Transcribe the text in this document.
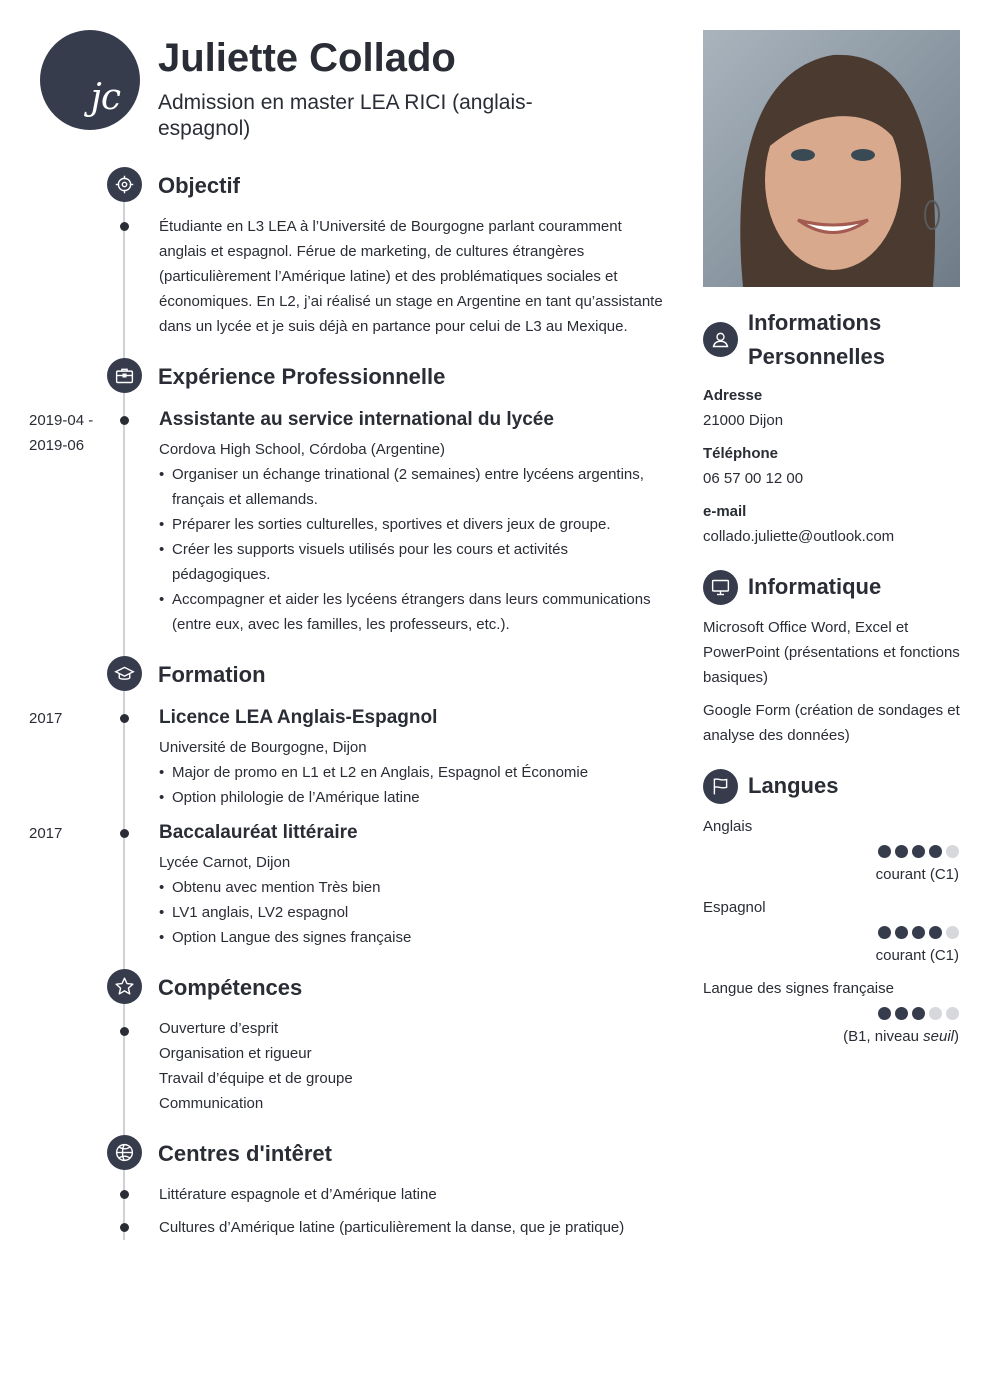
jc
Juliette Collado
Admission en master LEA RICI (anglais-espagnol)
Objectif
Étudiante en L3 LEA à l’Université de Bourgogne parlant couramment anglais et espagnol. Férue de marketing, de cultures étrangères (particulièrement l’Amérique latine) et des problématiques sociales et économiques. En L2, j’ai réalisé un stage en Argentine en tant qu’assistante dans un lycée et je suis déjà en partance pour celui de L3 au Mexique.
Expérience Professionnelle
2019-04 - 2019-06
Assistante au service international du lycée
Cordova High School, Córdoba (Argentine)
• Organiser un échange trinational (2 semaines) entre lycéens argentins, français et allemands.
• Préparer les sorties culturelles, sportives et divers jeux de groupe.
• Créer les supports visuels utilisés pour les cours et activités pédagogiques.
• Accompagner et aider les lycéens étrangers dans leurs communications (entre eux, avec les familles, les professeurs, etc.).
Formation
2017	Licence LEA Anglais-Espagnol
Université de Bourgogne, Dijon
• Major de promo en L1 et L2 en Anglais, Espagnol et Économie
• Option philologie de l’Amérique latine
2017	Baccalauréat littéraire
Lycée Carnot, Dijon
• Obtenu avec mention Très bien
• LV1 anglais, LV2 espagnol
• Option Langue des signes française
Compétences
Ouverture d’esprit
Organisation et rigueur
Travail d’équipe et de groupe
Communication
Centres d'intêret
Littérature espagnole et d’Amérique latine
Cultures d’Amérique latine (particulièrement la danse, que je pratique)
Informations Personnelles
Adresse
21000 Dijon
Téléphone
06 57 00 12 00
e-mail
collado.juliette@outlook.com
Informatique
Microsoft Office Word, Excel et PowerPoint (présentations et fonctions basiques)
Google Form (création de sondages et analyse des données)
Langues
Anglais
courant (C1)
Espagnol
courant (C1)
Langue des signes française
(B1, niveau seuil)
